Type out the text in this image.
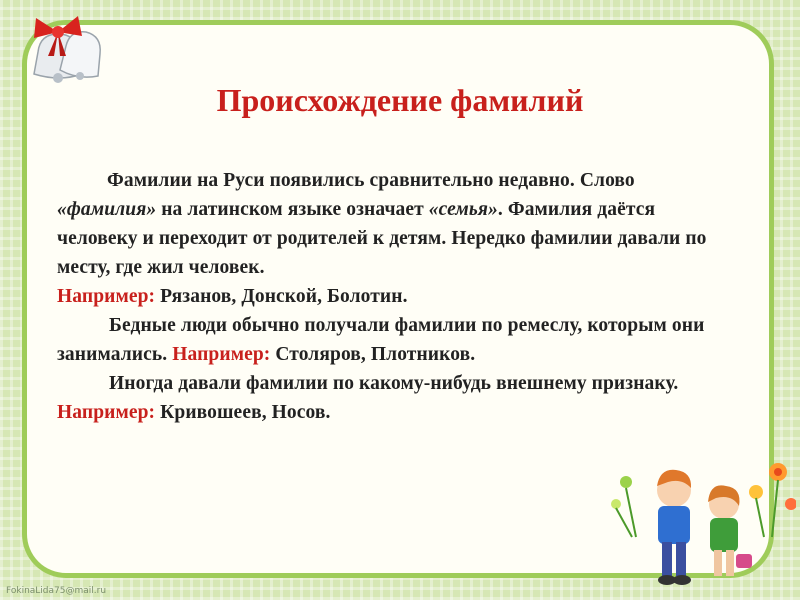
Происхождение фамилий

Фамилии на Руси появились сравнительно недавно. Слово «фамилия» на латинском языке означает «семья». Фамилия даётся человеку и переходит от родителей к детям. Нередко фамилии давали по месту, где жил человек.

Например: Рязанов, Донской, Болотин.

Бедные люди обычно получали фамилии по ремеслу, которым они занимались. Например: Столяров, Плотников.

Иногда давали фамилии по какому-нибудь внешнему признаку. Например: Кривошеев, Носов.

FokinaLida75@mail.ru
